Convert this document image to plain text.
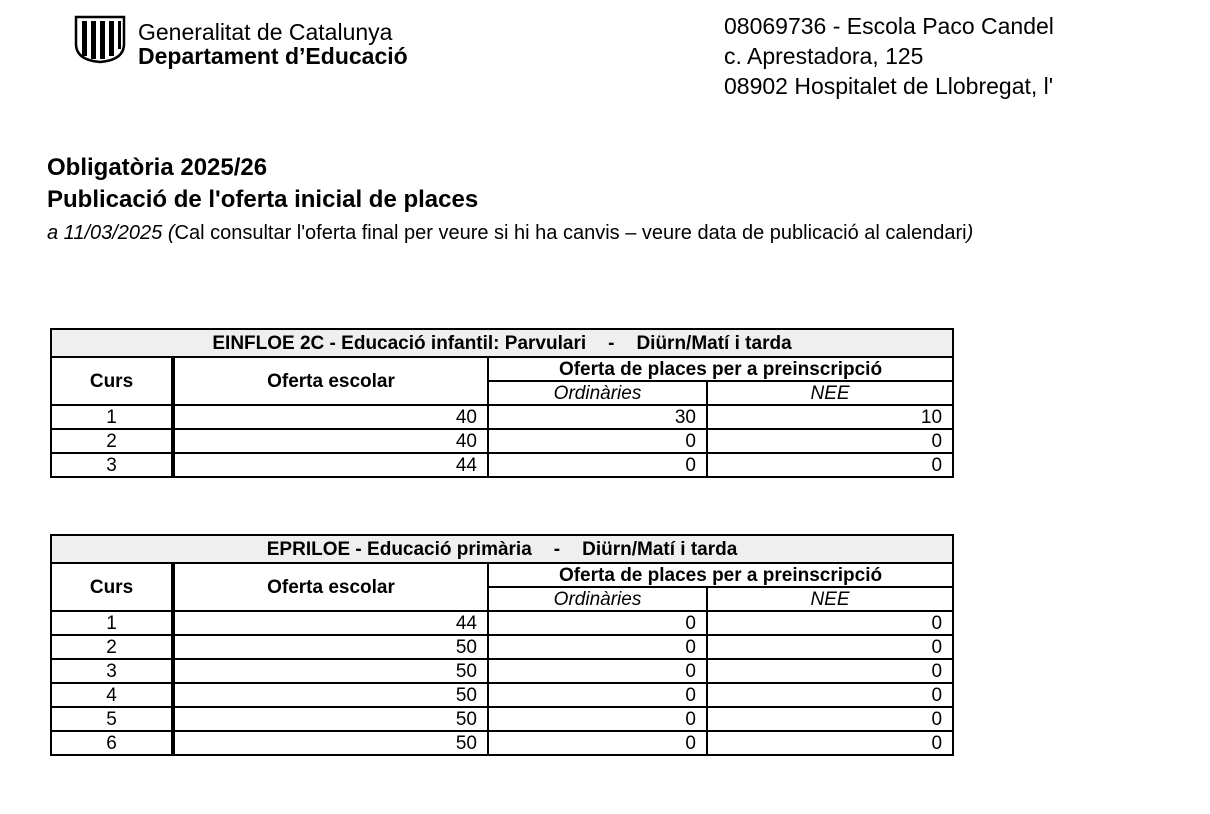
Generalitat de Catalunya
Departament d’Educació
08069736 - Escola Paco Candel
c. Aprestadora, 125
08902 Hospitalet de Llobregat, l'
Obligatòria 2025/26
Publicació de l'oferta inicial de places
a 11/03/2025 (Cal consultar l'oferta final per veure si hi ha canvis – veure data de publicació al calendari)
EINFLOE 2C - Educació infantil: Parvulari - Diürn/Matí i tarda			
Curs	Oferta escolar	Oferta de places per a preinscripció	
		Ordinàries	NEE
1	40	30	10
2	40	0	0
3	44	0	0
EPRILOE - Educació primària - Diürn/Matí i tarda			
Curs	Oferta escolar	Oferta de places per a preinscripció	
		Ordinàries	NEE
1	44	0	0
2	50	0	0
3	50	0	0
4	50	0	0
5	50	0	0
6	50	0	0
